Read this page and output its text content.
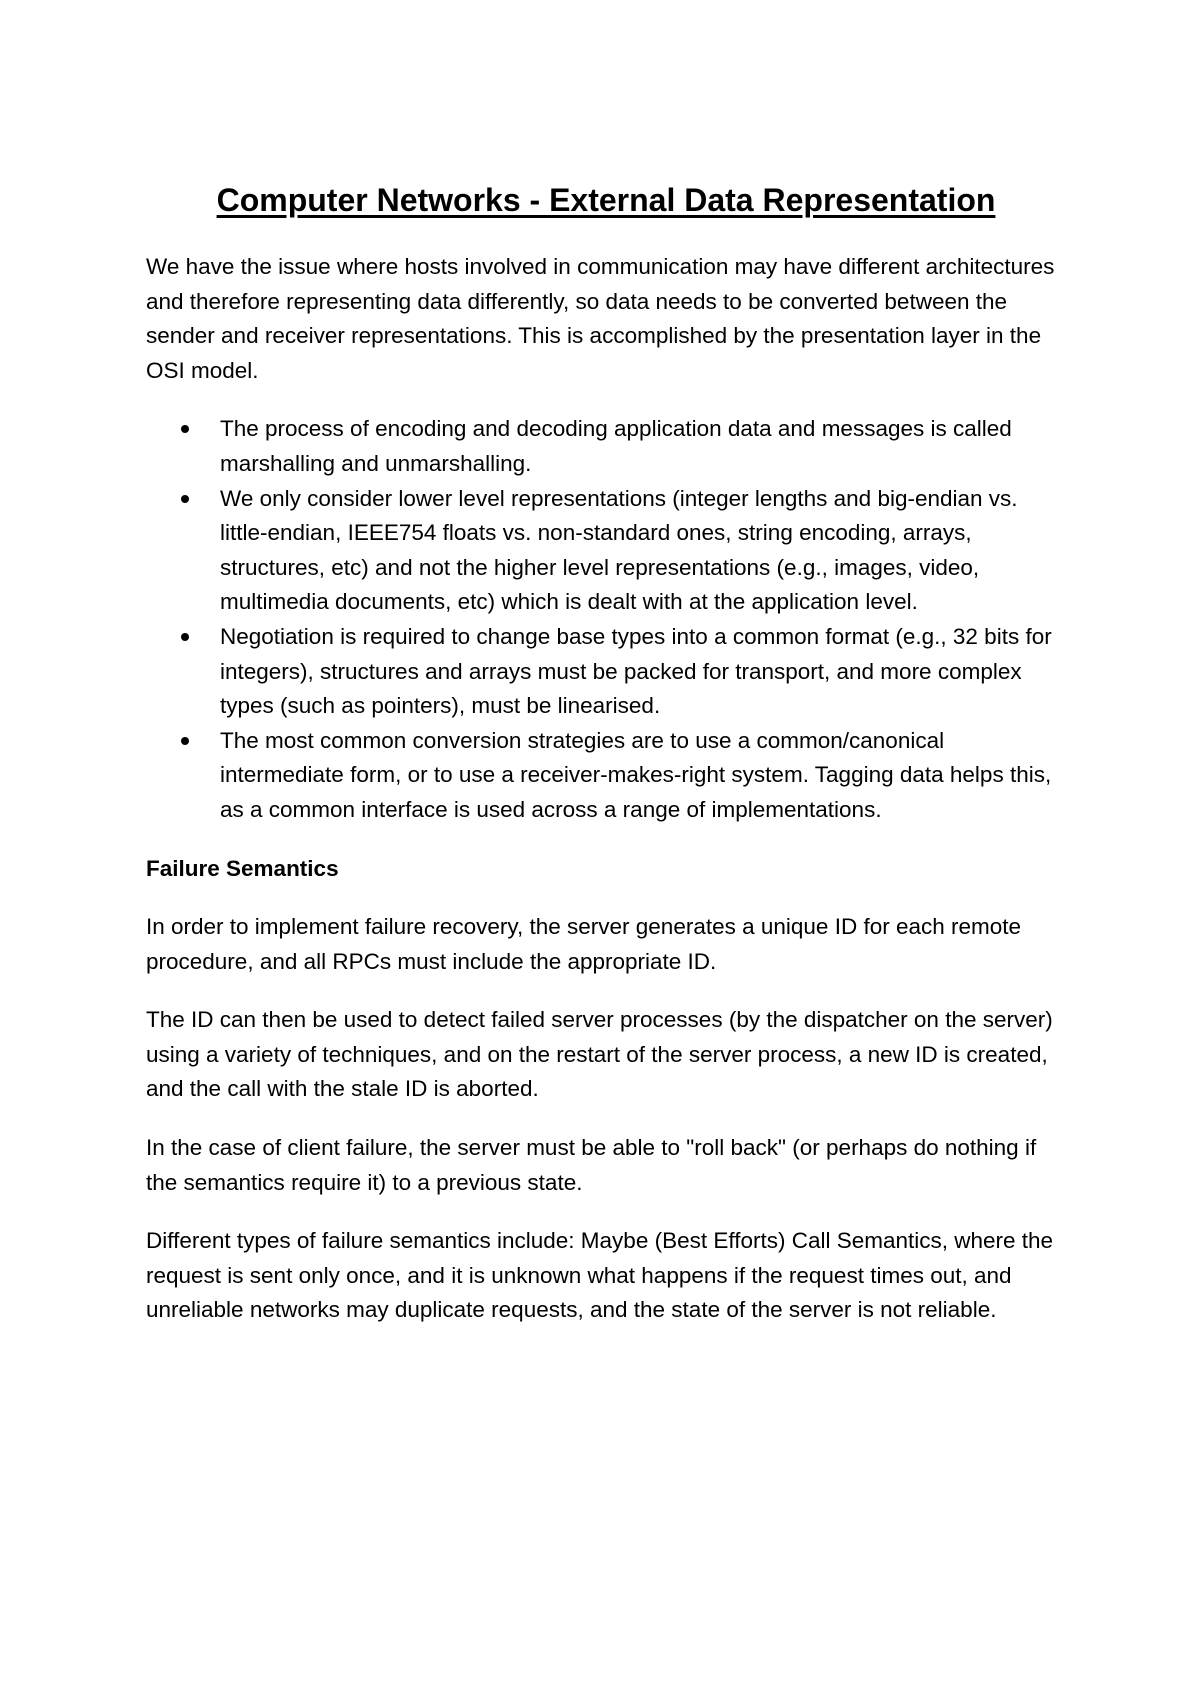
Computer Networks - External Data Representation

We have the issue where hosts involved in communication may have different architectures and therefore representing data differently, so data needs to be converted between the sender and receiver representations. This is accomplished by the presentation layer in the OSI model.

The process of encoding and decoding application data and messages is called marshalling and unmarshalling.
We only consider lower level representations (integer lengths and big-endian vs. little-endian, IEEE754 floats vs. non-standard ones, string encoding, arrays, structures, etc) and not the higher level representations (e.g., images, video, multimedia documents, etc) which is dealt with at the application level.
Negotiation is required to change base types into a common format (e.g., 32 bits for integers), structures and arrays must be packed for transport, and more complex types (such as pointers), must be linearised.
The most common conversion strategies are to use a common/canonical intermediate form, or to use a receiver-makes-right system. Tagging data helps this, as a common interface is used across a range of implementations.
Failure Semantics

In order to implement failure recovery, the server generates a unique ID for each remote procedure, and all RPCs must include the appropriate ID.

The ID can then be used to detect failed server processes (by the dispatcher on the server) using a variety of techniques, and on the restart of the server process, a new ID is created, and the call with the stale ID is aborted.

In the case of client failure, the server must be able to "roll back" (or perhaps do nothing if the semantics require it) to a previous state.

Different types of failure semantics include: Maybe (Best Efforts) Call Semantics, where the request is sent only once, and it is unknown what happens if the request times out, and unreliable networks may duplicate requests, and the state of the server is not reliable.
